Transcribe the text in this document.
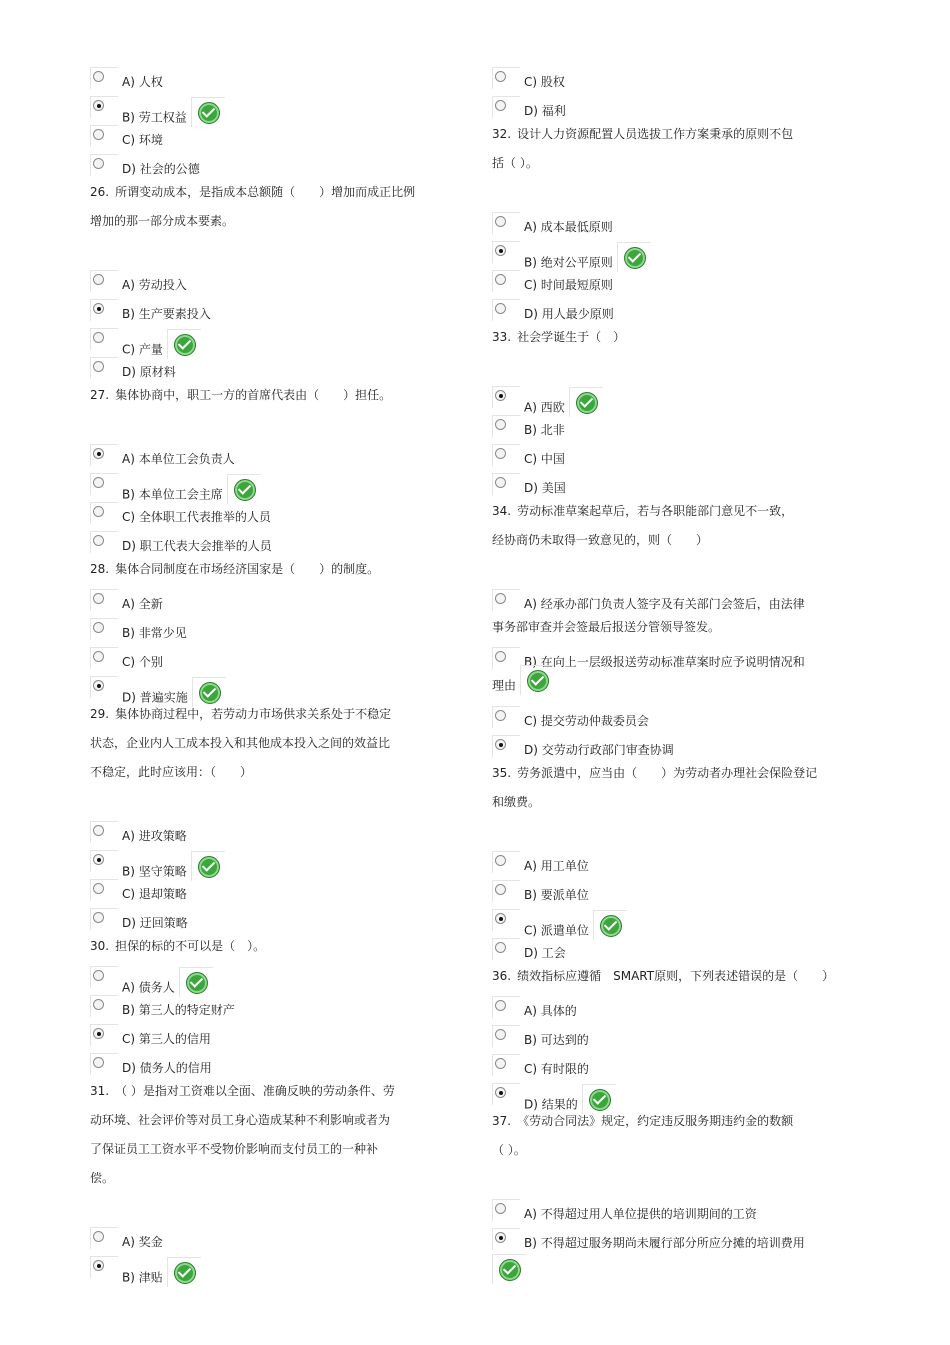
A) 人权
B) 劳工权益
C) 环境
D) 社会的公德
26. 所谓变动成本，是指成本总额随（　　）增加而成正比例
增加的那一部分成本要素。
A) 劳动投入
B) 生产要素投入
C) 产量
D) 原材料
27. 集体协商中，职工一方的首席代表由（　　）担任。
A) 本单位工会负责人
B) 本单位工会主席
C) 全体职工代表推举的人员
D) 职工代表大会推举的人员
28. 集体合同制度在市场经济国家是（　　）的制度。
A) 全新
B) 非常少见
C) 个别
D) 普遍实施
29. 集体协商过程中，若劳动力市场供求关系处于不稳定
状态，企业内人工成本投入和其他成本投入之间的效益比
不稳定，此时应该用：（　　）
A) 进攻策略
B) 坚守策略
C) 退却策略
D) 迂回策略
30. 担保的标的不可以是（　）。
A) 债务人
B) 第三人的特定财产
C) 第三人的信用
D) 债务人的信用
31. （ ）是指对工资难以全面、准确反映的劳动条件、劳
动环境、社会评价等对员工身心造成某种不利影响或者为
了保证员工工资水平不受物价影响而支付员工的一种补
偿。
A) 奖金
B) 津贴
C) 股权
D) 福利
32. 设计人力资源配置人员选拔工作方案秉承的原则不包
括（ ）。
A) 成本最低原则
B) 绝对公平原则
C) 时间最短原则
D) 用人最少原则
33. 社会学诞生于（　）
A) 西欧
B) 北非
C) 中国
D) 美国
34. 劳动标准草案起草后，若与各职能部门意见不一致，
经协商仍未取得一致意见的，则（　　）
A) 经承办部门负责人签字及有关部门会签后，由法律
事务部审查并会签最后报送分管领导签发。
B) 在向上一层级报送劳动标准草案时应予说明情况和
理由
C) 提交劳动仲裁委员会
D) 交劳动行政部门审查协调
35. 劳务派遣中，应当由（　　）为劳动者办理社会保险登记
和缴费。
A) 用工单位
B) 要派单位
C) 派遣单位
D) 工会
36. 绩效指标应遵循　SMART原则，下列表述错误的是（　　）
A) 具体的
B) 可达到的
C) 有时限的
D) 结果的
37. 《劳动合同法》规定，约定违反服务期违约金的数额
（ ）。
A) 不得超过用人单位提供的培训期间的工资
B) 不得超过服务期尚未履行部分所应分摊的培训费用
